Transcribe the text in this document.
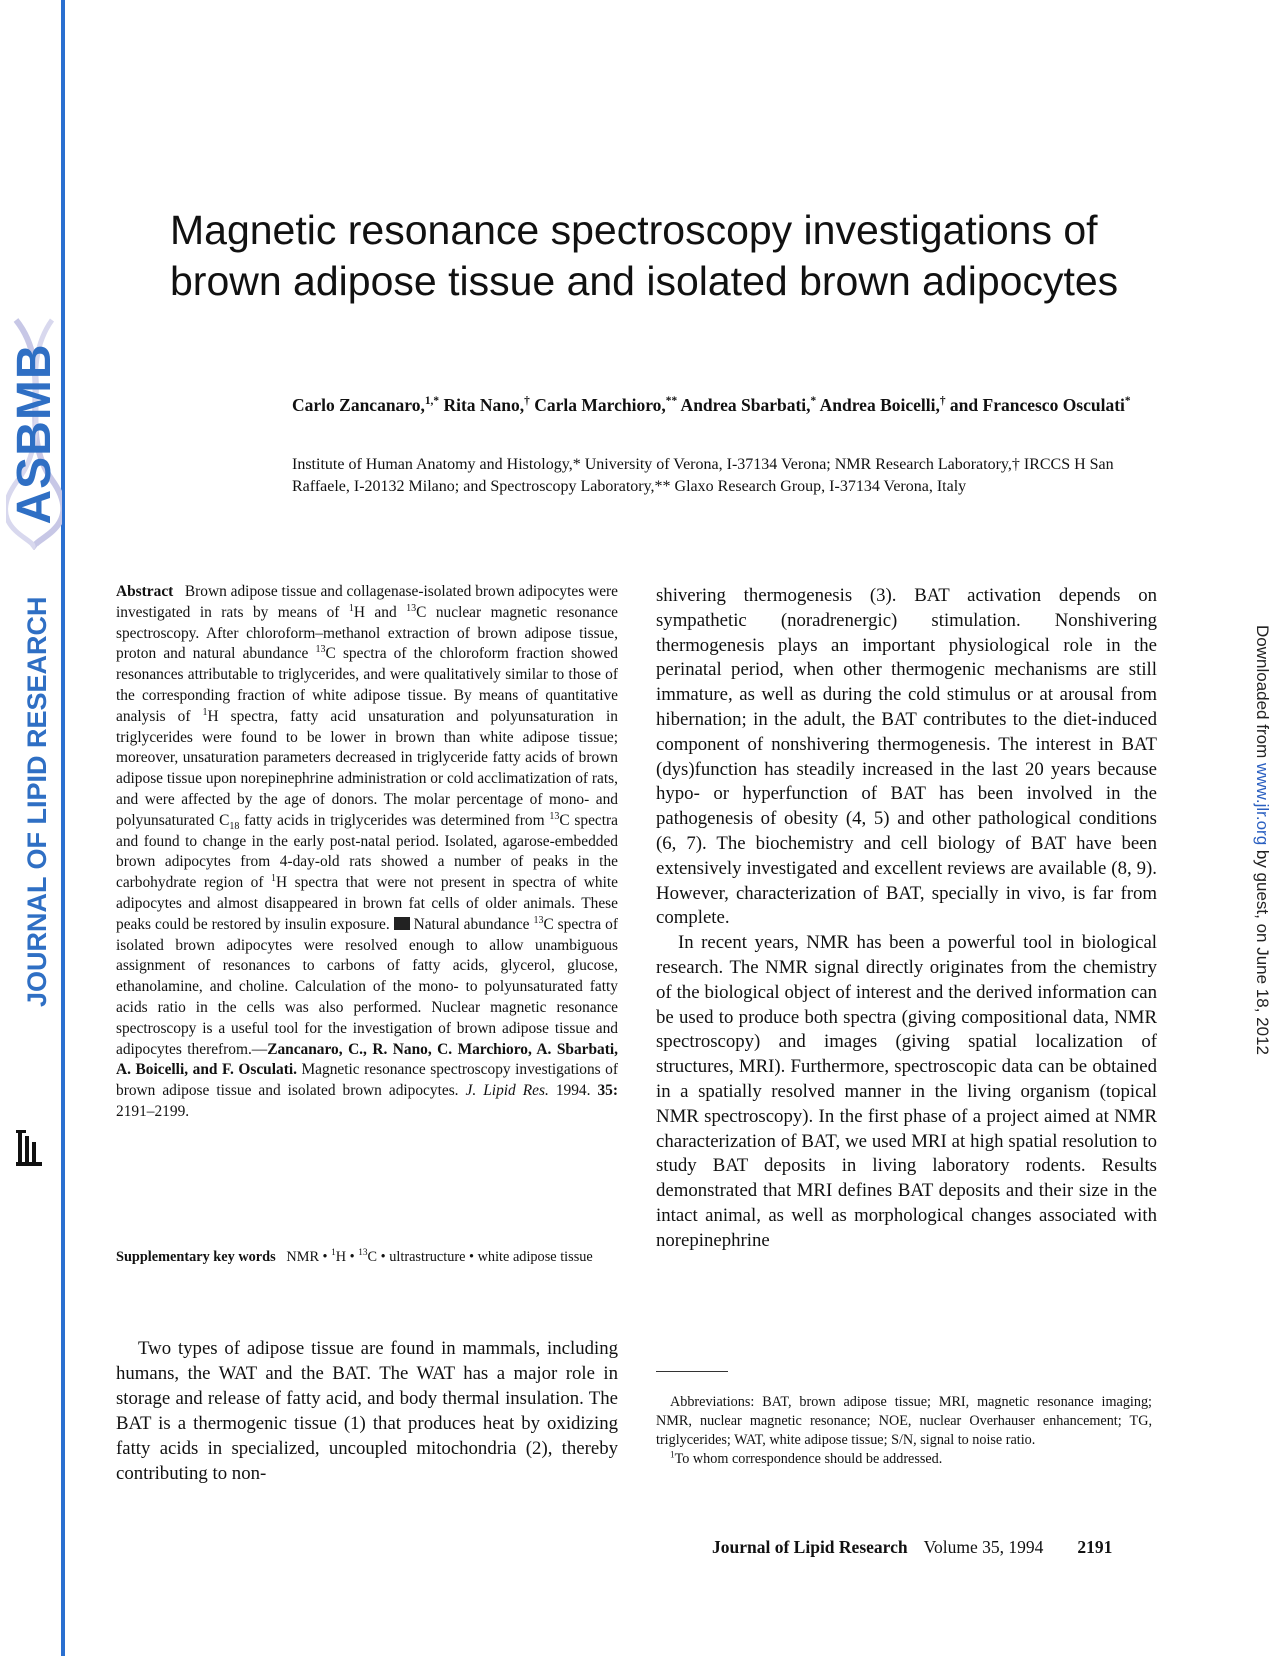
ASBMB
JOURNAL OF LIPID RESEARCH	Downloaded from www.jlr.org by guest, on June 18, 2012
Magnetic resonance spectroscopy investigations of brown adipose tissue and isolated brown adipocytes
Carlo Zancanaro,$^{1,*}$ Rita Nano,† Carla Marchioro,** Andrea Sbarbati,* Andrea Boicelli,† and Francesco Osculati*
Institute of Human Anatomy and Histology,* University of Verona, I-37134 Verona; NMR Research Laboratory,† IRCCS H San Raffaele, I-20132 Milano; and Spectroscopy Laboratory,** Glaxo Research Group, I-37134 Verona, Italy
Abstract Brown adipose tissue and collagenase-isolated brown adipocytes were investigated in rats by means of $^1$H and $^{13}$C nuclear magnetic resonance spectroscopy. After chloroform–methanol extraction of brown adipose tissue, proton and natural abundance $^{13}$C spectra of the chloroform fraction showed resonances attributable to triglycerides, and were qualitatively similar to those of the corresponding fraction of white adipose tissue. By means of quantitative analysis of $^1$H spectra, fatty acid unsaturation and polyunsaturation in triglycerides were found to be lower in brown than white adipose tissue; moreover, unsaturation parameters decreased in triglyceride fatty acids of brown adipose tissue upon norepinephrine administration or cold acclimatization of rats, and were affected by the age of donors. The molar percentage of mono- and polyunsaturated $C_{18}$ fatty acids in triglycerides was determined from $^{13}$C spectra and found to change in the early post-natal period. Isolated, agarose-embedded brown adipocytes from 4-day-old rats showed a number of peaks in the carbohydrate region of $^1$H spectra that were not present in spectra of white adipocytes and almost disappeared in brown fat cells of older animals. These peaks could be restored by insulin exposure.  Natural abundance $^{13}$C spectra of isolated brown adipocytes were resolved enough to allow unambiguous assignment of resonances to carbons of fatty acids, glycerol, glucose, ethanolamine, and choline. Calculation of the mono- to polyunsaturated fatty acids ratio in the cells was also performed. Nuclear magnetic resonance spectroscopy is a useful tool for the investigation of brown adipose tissue and adipocytes therefrom.—Zancanaro, C., R. Nano, C. Marchioro, A. Sbarbati, A. Boicelli, and F. Osculati. Magnetic resonance spectroscopy investigations of brown adipose tissue and isolated brown adipocytes. J. Lipid Res. 1994. 35: 2191–2199.
Supplementary key words NMR • $^1$H • $^{13}$C • ultrastructure • white adipose tissue

Two types of adipose tissue are found in mammals, including humans, the WAT and the BAT. The WAT has a major role in storage and release of fatty acid, and body thermal insulation. The BAT is a thermogenic tissue (1) that produces heat by oxidizing fatty acids in specialized, uncoupled mitochondria (2), thereby contributing to non-

shivering thermogenesis (3). BAT activation depends on sympathetic (noradrenergic) stimulation. Nonshivering thermogenesis plays an important physiological role in the perinatal period, when other thermogenic mechanisms are still immature, as well as during the cold stimulus or at arousal from hibernation; in the adult, the BAT contributes to the diet-induced component of nonshivering thermogenesis. The interest in BAT (dys)function has steadily increased in the last 20 years because hypo- or hyperfunction of BAT has been involved in the pathogenesis of obesity (4, 5) and other pathological conditions (6, 7). The biochemistry and cell biology of BAT have been extensively investigated and excellent reviews are available (8, 9). However, characterization of BAT, specially in vivo, is far from complete.

In recent years, NMR has been a powerful tool in biological research. The NMR signal directly originates from the chemistry of the biological object of interest and the derived information can be used to produce both spectra (giving compositional data, NMR spectroscopy) and images (giving spatial localization of structures, MRI). Furthermore, spectroscopic data can be obtained in a spatially resolved manner in the living organism (topical NMR spectroscopy). In the first phase of a project aimed at NMR characterization of BAT, we used MRI at high spatial resolution to study BAT deposits in living laboratory rodents. Results demonstrated that MRI defines BAT deposits and their size in the intact animal, as well as morphological changes associated with norepinephrine

Abbreviations: BAT, brown adipose tissue; MRI, magnetic resonance imaging; NMR, nuclear magnetic resonance; NOE, nuclear Overhauser enhancement; TG, triglycerides; WAT, white adipose tissue; S/N, signal to noise ratio.

$^1$To whom correspondence should be addressed.

Journal of Lipid Research Volume 35, 1994 2191
